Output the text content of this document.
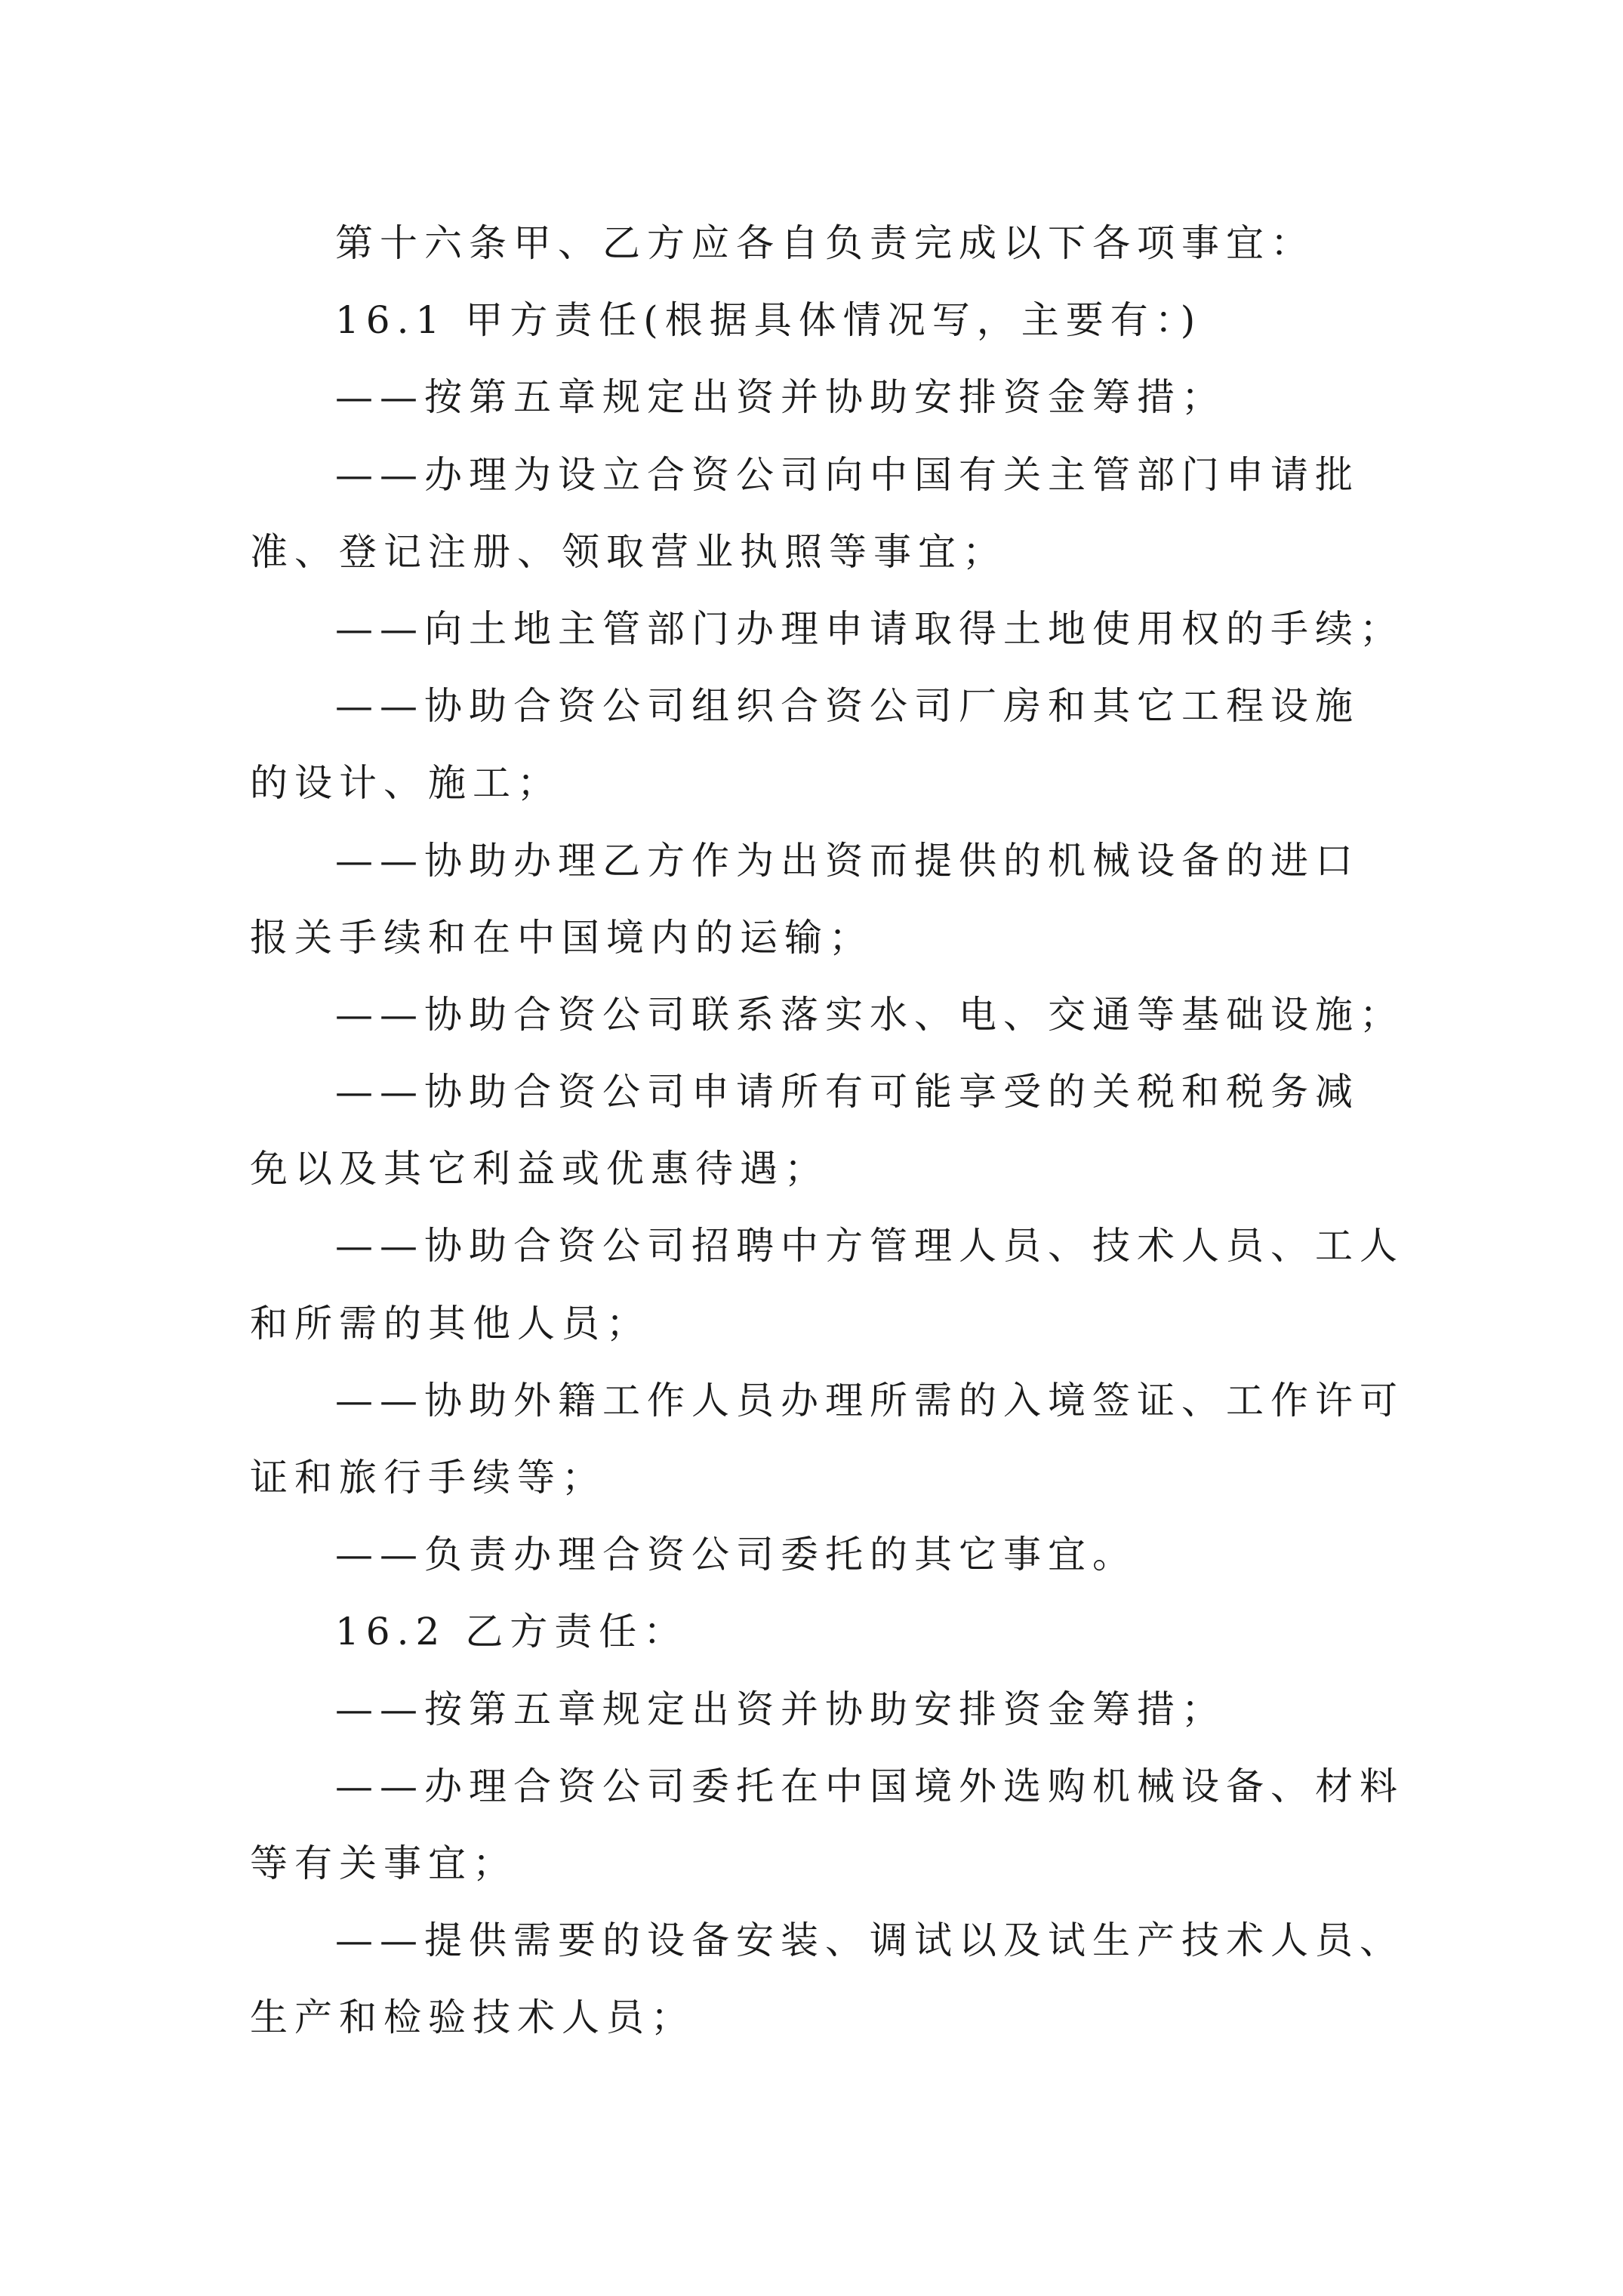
第十六条甲、乙方应各自负责完成以下各项事宜：
16.1 甲方责任(根据具体情况写，主要有：)
——按第五章规定出资并协助安排资金筹措；
——办理为设立合资公司向中国有关主管部门申请批
准、登记注册、领取营业执照等事宜；
——向土地主管部门办理申请取得土地使用权的手续；
——协助合资公司组织合资公司厂房和其它工程设施
的设计、施工；
——协助办理乙方作为出资而提供的机械设备的进口
报关手续和在中国境内的运输；
——协助合资公司联系落实水、电、交通等基础设施；
——协助合资公司申请所有可能享受的关税和税务减
免以及其它利益或优惠待遇；
——协助合资公司招聘中方管理人员、技术人员、工人
和所需的其他人员；
——协助外籍工作人员办理所需的入境签证、工作许可
证和旅行手续等；
——负责办理合资公司委托的其它事宜。
16.2 乙方责任：
——按第五章规定出资并协助安排资金筹措；
——办理合资公司委托在中国境外选购机械设备、材料
等有关事宜；
——提供需要的设备安装、调试以及试生产技术人员、
生产和检验技术人员；
